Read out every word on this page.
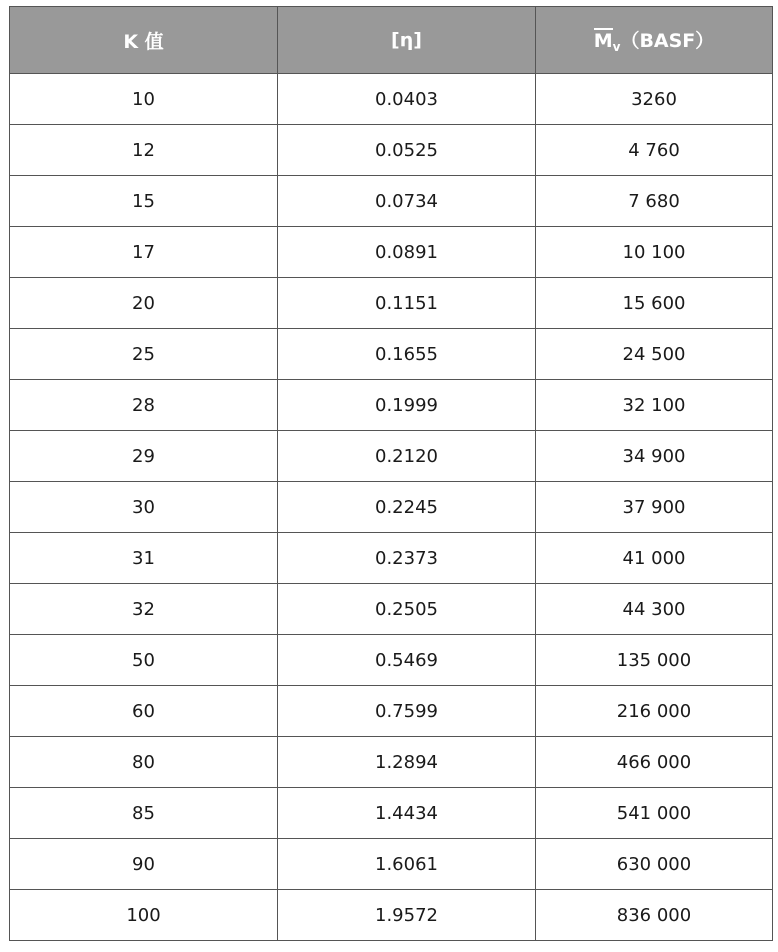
K 值	[η]	$M_v(BASF)$
10	0.0403	3260
12	0.0525	4 760
15	0.0734	7 680
17	0.0891	10 100
20	0.1151	15 600
25	0.1655	24 500
28	0.1999	32 100
29	0.2120	34 900
30	0.2245	37 900
31	0.2373	41 000
32	0.2505	44 300
50	0.5469	135 000
60	0.7599	216 000
80	1.2894	466 000
85	1.4434	541 000
90	1.6061	630 000
100	1.9572	836 000
